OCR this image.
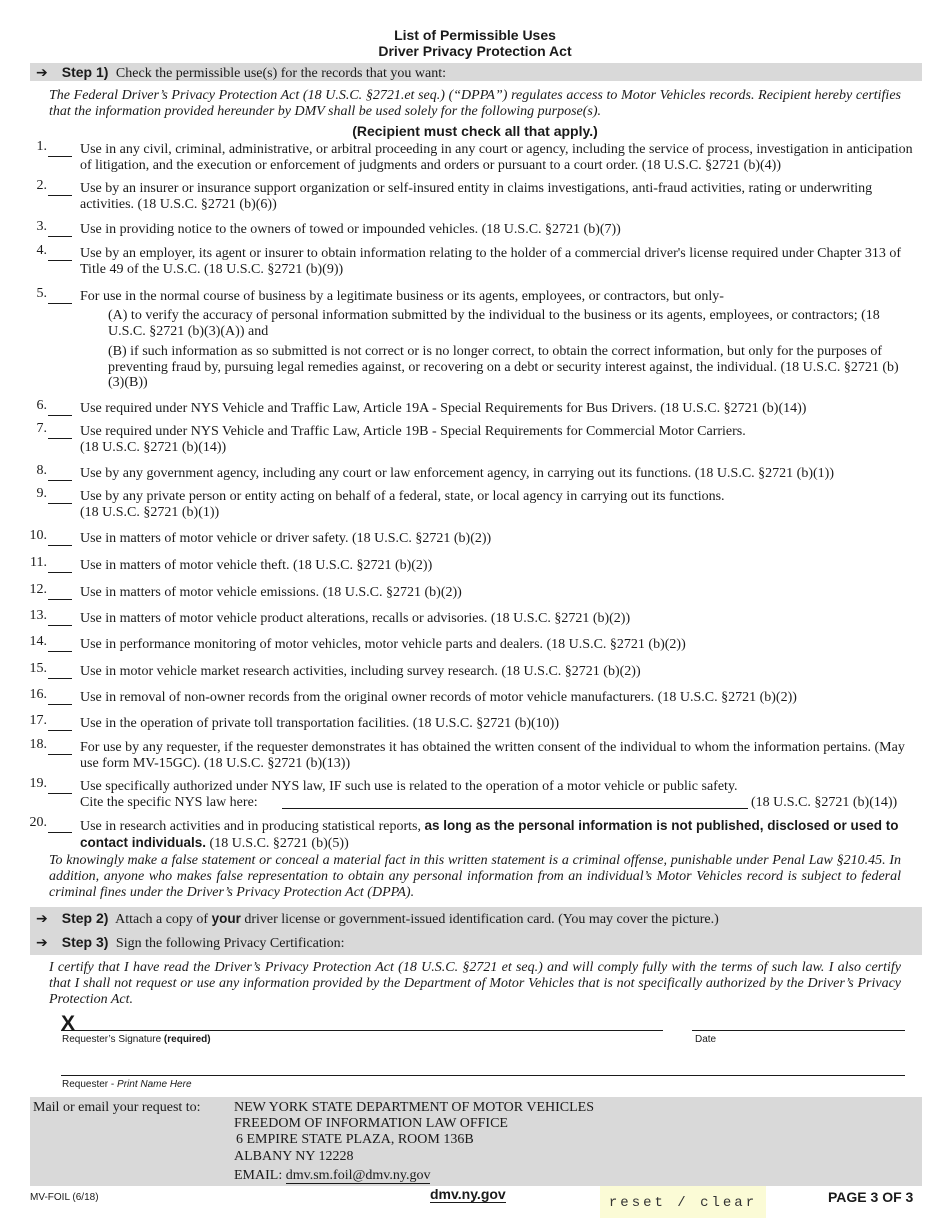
List of Permissible Uses
Driver Privacy Protection Act
➔ Step 1) Check the permissible use(s) for the records that you want:
The Federal Driver’s Privacy Protection Act (18 U.S.C. §2721.et seq.) (“DPPA”) regulates access to Motor Vehicles records. Recipient hereby certifies that the information provided hereunder by DMV shall be used solely for the following purpose(s).
(Recipient must check all that apply.)
1. Use in any civil, criminal, administrative, or arbitral proceeding in any court or agency, including the service of process, investigation in anticipation of litigation, and the execution or enforcement of judgments and orders or pursuant to a court order. (18 U.S.C. §2721 (b)(4))
2. Use by an insurer or insurance support organization or self-insured entity in claims investigations, anti-fraud activities, rating or underwriting activities. (18 U.S.C. §2721 (b)(6))
3. Use in providing notice to the owners of towed or impounded vehicles. (18 U.S.C. §2721 (b)(7))
4. Use by an employer, its agent or insurer to obtain information relating to the holder of a commercial driver's license required under Chapter 313 of Title 49 of the U.S.C. (18 U.S.C. §2721 (b)(9))
5. For use in the normal course of business by a legitimate business or its agents, employees, or contractors, but only-
(A) to verify the accuracy of personal information submitted by the individual to the business or its agents, employees, or contractors; (18 U.S.C. §2721 (b)(3)(A)) and
(B) if such information as so submitted is not correct or is no longer correct, to obtain the correct information, but only for the purposes of preventing fraud by, pursuing legal remedies against, or recovering on a debt or security interest against, the individual. (18 U.S.C. §2721 (b)(3)(B))
6. Use required under NYS Vehicle and Traffic Law, Article 19A - Special Requirements for Bus Drivers. (18 U.S.C. §2721 (b)(14))
7. Use required under NYS Vehicle and Traffic Law, Article 19B - Special Requirements for Commercial Motor Carriers.
(18 U.S.C. §2721 (b)(14))
8. Use by any government agency, including any court or law enforcement agency, in carrying out its functions. (18 U.S.C. §2721 (b)(1))
9. Use by any private person or entity acting on behalf of a federal, state, or local agency in carrying out its functions.
(18 U.S.C. §2721 (b)(1))
10. Use in matters of motor vehicle or driver safety. (18 U.S.C. §2721 (b)(2))
11. Use in matters of motor vehicle theft. (18 U.S.C. §2721 (b)(2))
12. Use in matters of motor vehicle emissions. (18 U.S.C. §2721 (b)(2))
13. Use in matters of motor vehicle product alterations, recalls or advisories. (18 U.S.C. §2721 (b)(2))
14. Use in performance monitoring of motor vehicles, motor vehicle parts and dealers. (18 U.S.C. §2721 (b)(2))
15. Use in motor vehicle market research activities, including survey research. (18 U.S.C. §2721 (b)(2))
16. Use in removal of non-owner records from the original owner records of motor vehicle manufacturers. (18 U.S.C. §2721 (b)(2))
17. Use in the operation of private toll transportation facilities. (18 U.S.C. §2721 (b)(10))
18. For use by any requester, if the requester demonstrates it has obtained the written consent of the individual to whom the information pertains. (May use form MV-15GC). (18 U.S.C. §2721 (b)(13))
19. Use specifically authorized under NYS law, IF such use is related to the operation of a motor vehicle or public safety.
Cite the specific NYS law here:	(18 U.S.C. §2721 (b)(14))
20. Use in research activities and in producing statistical reports, as long as the personal information is not published, disclosed or used to contact individuals. (18 U.S.C. §2721 (b)(5))
To knowingly make a false statement or conceal a material fact in this written statement is a criminal offense, punishable under Penal Law §210.45. In addition, anyone who makes false representation to obtain any personal information from an individual’s Motor Vehicles record is subject to federal criminal fines under the Driver’s Privacy Protection Act (DPPA).
➔ Step 2) Attach a copy of your driver license or government-issued identification card. (You may cover the picture.)
➔ Step 3) Sign the following Privacy Certification:
I certify that I have read the Driver’s Privacy Protection Act (18 U.S.C. §2721 et seq.) and will comply fully with the terms of such law. I also certify that I shall not request or use any information provided by the Department of Motor Vehicles that is not specifically authorized by the Driver’s Privacy Protection Act.
X
Requester’s Signature (required)	Date
Requester - Print Name Here
Mail or email your request to: NEW YORK STATE DEPARTMENT OF MOTOR VEHICLES
FREEDOM OF INFORMATION LAW OFFICE
6 EMPIRE STATE PLAZA, ROOM 136B
ALBANY NY 12228
EMAIL: dmv.sm.foil@dmv.ny.gov
MV-FOIL (6/18)	dmv.ny.gov
reset / clear	PAGE 3 OF 3
